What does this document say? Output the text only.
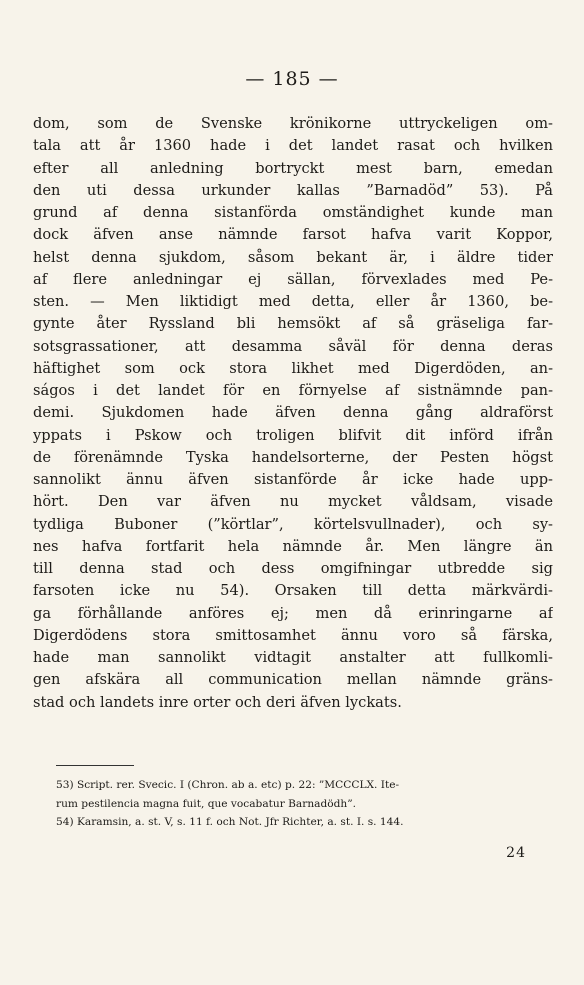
— 185 —
dom, som de Svenske krönikorne uttryckeligen om-
tala att år 1360 hade i det landet rasat och hvilken
efter all anledning bortryckt mest barn, emedan
den uti dessa urkunder kallas ”Barnadöd” 53). På
grund af denna sistanförda omständighet kunde man
dock äfven anse nämnde farsot hafva varit Koppor,
helst denna sjukdom, såsom bekant är, i äldre tider
af flere anledningar ej sällan, förvexlades med Pe-
sten. — Men liktidigt med detta, eller år 1360, be-
gynte åter Ryssland bli hemsökt af så gräseliga far-
sotsgrassationer, att desamma såväl för denna deras
häftighet som ock stora likhet med Digerdöden, an-
ságos i det landet för en förnyelse af sistnämnde pan-
demi. Sjukdomen hade äfven denna gång aldraförst
yppats i Pskow och troligen blifvit dit införd ifrån
de förenämnde Tyska handelsorterne, der Pesten högst
sannolikt ännu äfven sistanförde år icke hade upp-
hört. Den var äfven nu mycket våldsam, visade
tydliga Buboner (”körtlar”, körtelsvullnader), och sy-
nes hafva fortfarit hela nämnde år. Men längre än
till denna stad och dess omgifningar utbredde sig
farsoten icke nu 54). Orsaken till detta märkvärdi-
ga förhållande anföres ej; men då erinringarne af
Digerdödens stora smittosamhet ännu voro så färska,
hade man sannolikt vidtagit anstalter att fullkomli-
gen afskära all communication mellan nämnde gräns-
stad och landets inre orter och deri äfven lyckats.
53) Script. rer. Svecic. I (Chron. ab a. etc) p. 22: ”MCCCLX. Ite-
rum pestilencia magna fuit, que vocabatur Barnadödh”.
54) Karamsin, a. st. V, s. 11 f. och Not. Jfr Richter, a. st. I. s. 144.
24
